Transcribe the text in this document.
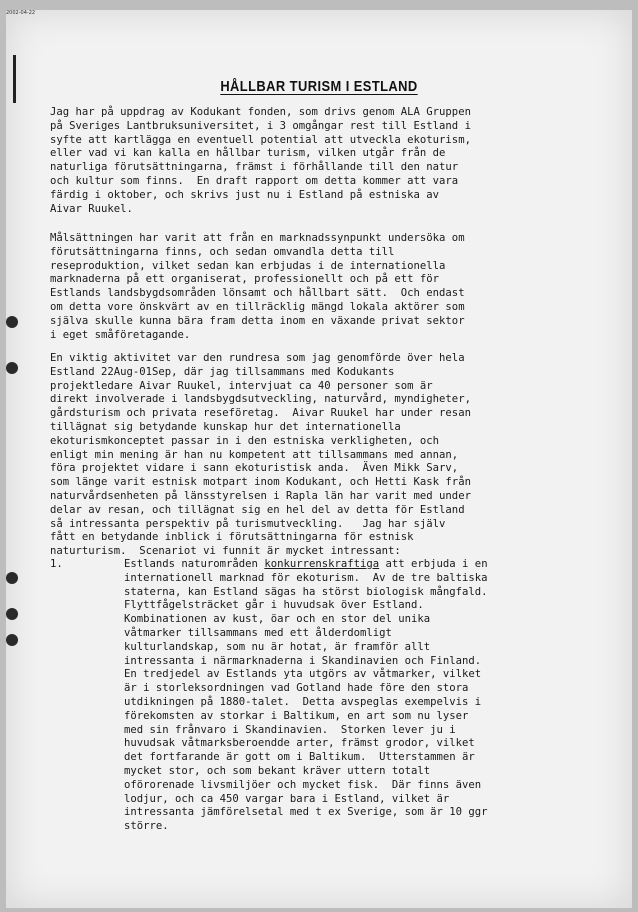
2002-04-22
HÅLLBAR TURISM I ESTLAND

Jag har på uppdrag av Kodukant fonden, som drivs genom ALA Gruppen
på Sveriges Lantbruksuniversitet, i 3 omgångar rest till Estland i
syfte att kartlägga en eventuell potential att utveckla ekoturism,
eller vad vi kan kalla en hållbar turism, vilken utgår från de
naturliga förutsättningarna, främst i förhållande till den natur
och kultur som finns.  En draft rapport om detta kommer att vara
färdig i oktober, och skrivs just nu i Estland på estniska av
Aivar Ruukel.

Målsättningen har varit att från en marknadssynpunkt undersöka om
förutsättningarna finns, och sedan omvandla detta till
reseproduktion, vilket sedan kan erbjudas i de internationella
marknaderna på ett organiserat, professionellt och på ett för
Estlands landsbygdsområden lönsamt och hållbart sätt.  Och endast
om detta vore önskvärt av en tillräcklig mängd lokala aktörer som
själva skulle kunna bära fram detta inom en växande privat sektor
i eget småföretagande.

En viktig aktivitet var den rundresa som jag genomförde över hela
Estland 22Aug-01Sep, där jag tillsammans med Kodukants
projektledare Aivar Ruukel, intervjuat ca 40 personer som är
direkt involverade i landsbygdsutveckling, naturvård, myndigheter,
gårdsturism och privata reseföretag.  Aivar Ruukel har under resan
tillägnat sig betydande kunskap hur det internationella
ekoturismkonceptet passar in i den estniska verkligheten, och
enligt min mening är han nu kompetent att tillsammans med annan,
föra projektet vidare i sann ekoturistisk anda.  Även Mikk Sarv,
som länge varit estnisk motpart inom Kodukant, och Hetti Kask från
naturvårdsenheten på länsstyrelsen i Rapla län har varit med under
delar av resan, och tillägnat sig en hel del av detta för Estland
så intressanta perspektiv på turismutveckling.   Jag har själv
fått en betydande inblick i förutsättningarna för estnisk
naturturism.  Scenariot vi funnit är mycket intressant:

1.	Estlands naturområden konkurrenskraftiga att erbjuda i en
internationell marknad för ekoturism.  Av de tre baltiska
staterna, kan Estland sägas ha störst biologisk mångfald.
Flyttfågelsträcket går i huvudsak över Estland.
Kombinationen av kust, öar och en stor del unika
våtmarker tillsammans med ett ålderdomligt
kulturlandskap, som nu är hotat, är framför allt
intressanta i närmarknaderna i Skandinavien och Finland.
En tredjedel av Estlands yta utgörs av våtmarker, vilket
är i storleksordningen vad Gotland hade före den stora
utdikningen på 1880-talet.  Detta avspeglas exempelvis i
förekomsten av storkar i Baltikum, en art som nu lyser
med sin frånvaro i Skandinavien.  Storken lever ju i
huvudsak våtmarksberoendde arter, främst grodor, vilket
det fortfarande är gott om i Baltikum.  Utterstammen är
mycket stor, och som bekant kräver uttern totalt
oförorenade livsmiljöer och mycket fisk.  Där finns även
lodjur, och ca 450 vargar bara i Estland, vilket är
intressanta jämförelsetal med t ex Sverige, som är 10 ggr
större.
